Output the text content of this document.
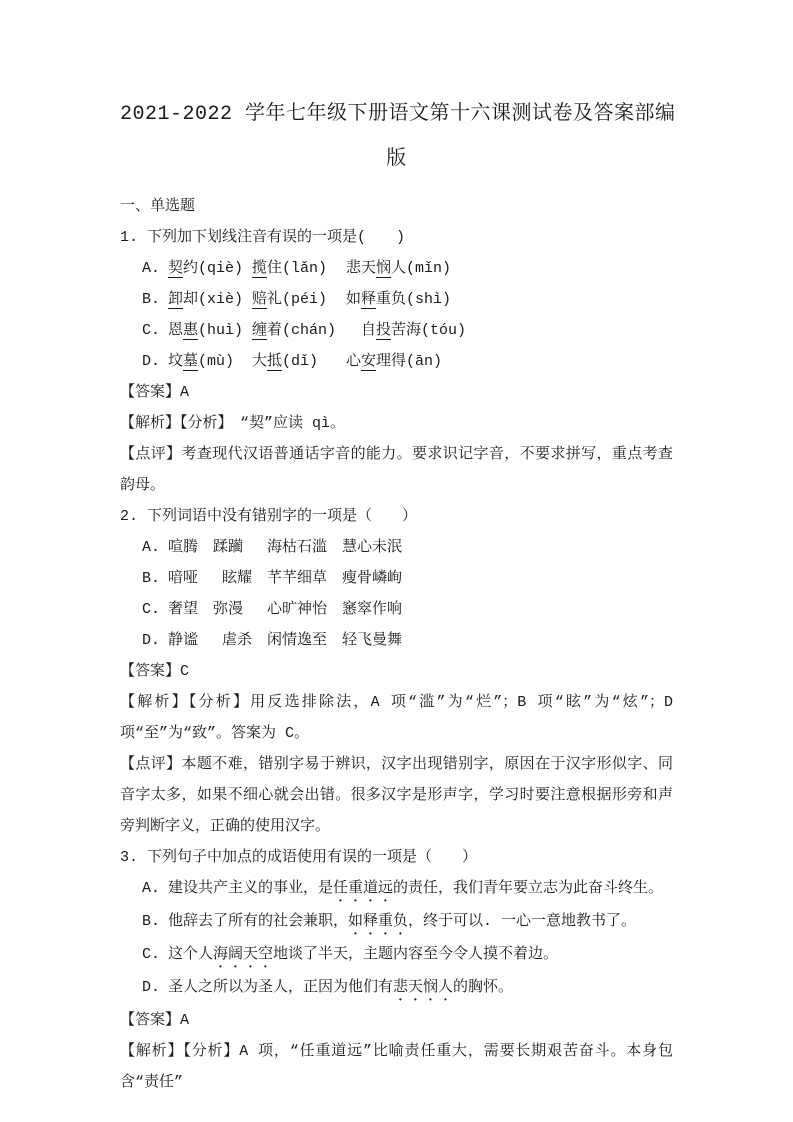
2021-2022 学年七年级下册语文第十六课测试卷及答案部编
版
一、单选题

1. 下列加下划线注音有误的一项是(　　)

A. 契约(qiè) 揽住(lǎn) 悲天悯人(mǐn)

B. 卸却(xiè) 赔礼(péi) 如释重负(shì)

C. 恩惠(huì) 缠着(chán)　自投苦海(tóu)

D. 坟墓(mù) 大抵(dǐ) 心安理得(ān)

【答案】A

【解析】【分析】　“契”应读 qì。

【点评】考查现代汉语普通话字音的能力。要求识记字音，不要求拼写，重点考查韵母。

2. 下列词语中没有错别字的一项是（　　）

A. 喧腾　蹂躏　 海枯石滥　慧心未泯

B. 喑哑　 眩耀　芊芊细草　瘦骨嶙峋

C. 奢望　弥漫　 心旷神怡　窸窣作响

D. 静谧　 虐杀　闲情逸至　轻飞曼舞

【答案】C

【解析】【分析】用反选排除法，A 项“滥”为“烂”；B 项“眩”为“炫”；D 项“至”为“致”。答案为 C。

【点评】本题不难，错别字易于辨识，汉字出现错别字，原因在于汉字形似字、同音字太多，如果不细心就会出错。很多汉字是形声字，学习时要注意根据形旁和声旁判断字义，正确的使用汉字。

3. 下列句子中加点的成语使用有误的一项是（　　）

A. 建设共产主义的事业，是任重道远的责任，我们青年要立志为此奋斗终生。

B. 他辞去了所有的社会兼职，如释重负，终于可以. 一心一意地教书了。

C. 这个人海阔天空地谈了半天，主题内容至今令人摸不着边。

D. 圣人之所以为圣人，正因为他们有悲天悯人的胸怀。

【答案】A

【解析】【分析】A 项，“任重道远”比喻责任重大，需要长期艰苦奋斗。本身包含“责任”
